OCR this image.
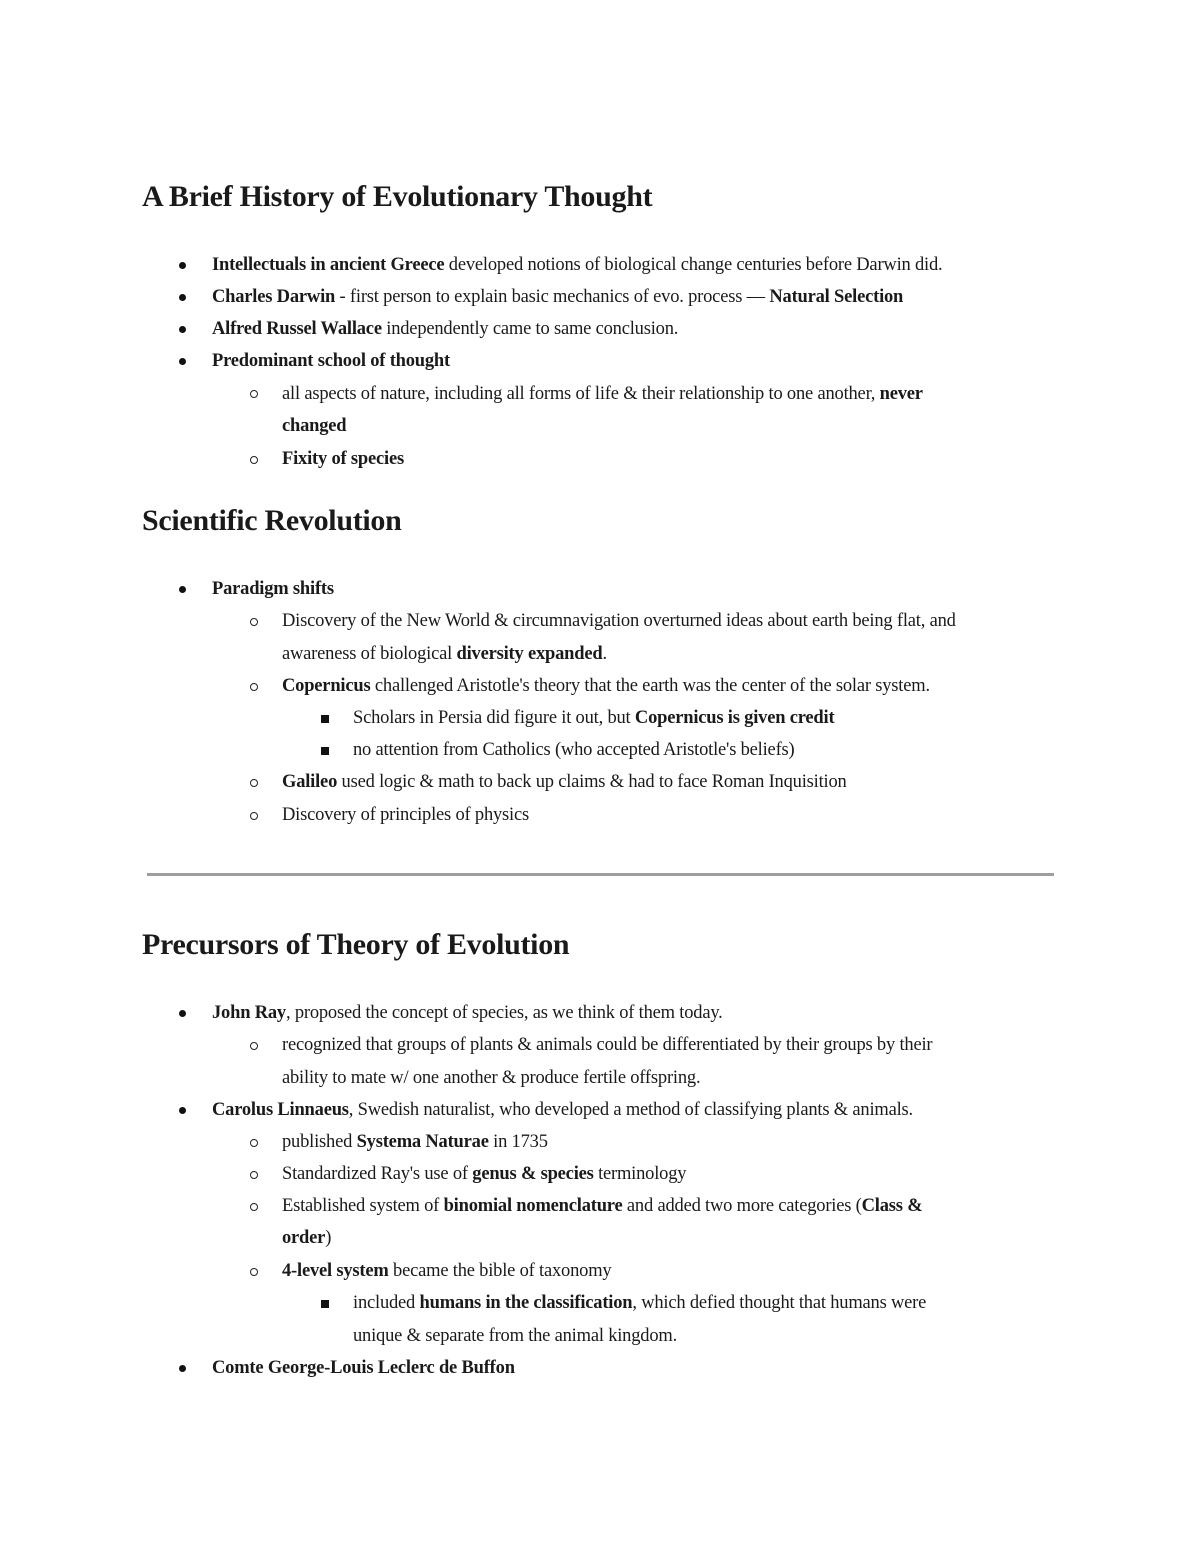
A Brief History of Evolutionary Thought
Intellectuals in ancient Greece developed notions of biological change centuries before Darwin did.
Charles Darwin - first person to explain basic mechanics of evo. process — Natural Selection
Alfred Russel Wallace independently came to same conclusion.
Predominant school of thought
all aspects of nature, including all forms of life & their relationship to one another, never
changed
Fixity of species
Scientific Revolution
Paradigm shifts
Discovery of the New World & circumnavigation overturned ideas about earth being flat, and
awareness of biological diversity expanded.
Copernicus challenged Aristotle's theory that the earth was the center of the solar system.
Scholars in Persia did figure it out, but Copernicus is given credit
no attention from Catholics (who accepted Aristotle's beliefs)
Galileo used logic & math to back up claims & had to face Roman Inquisition
Discovery of principles of physics
Precursors of Theory of Evolution
John Ray, proposed the concept of species, as we think of them today.
recognized that groups of plants & animals could be differentiated by their groups by their
ability to mate w/ one another & produce fertile offspring.
Carolus Linnaeus, Swedish naturalist, who developed a method of classifying plants & animals.
published Systema Naturae in 1735
Standardized Ray's use of genus & species terminology
Established system of binomial nomenclature and added two more categories (Class &
order)
4-level system became the bible of taxonomy
included humans in the classification, which defied thought that humans were
unique & separate from the animal kingdom.
Comte George-Louis Leclerc de Buffon
